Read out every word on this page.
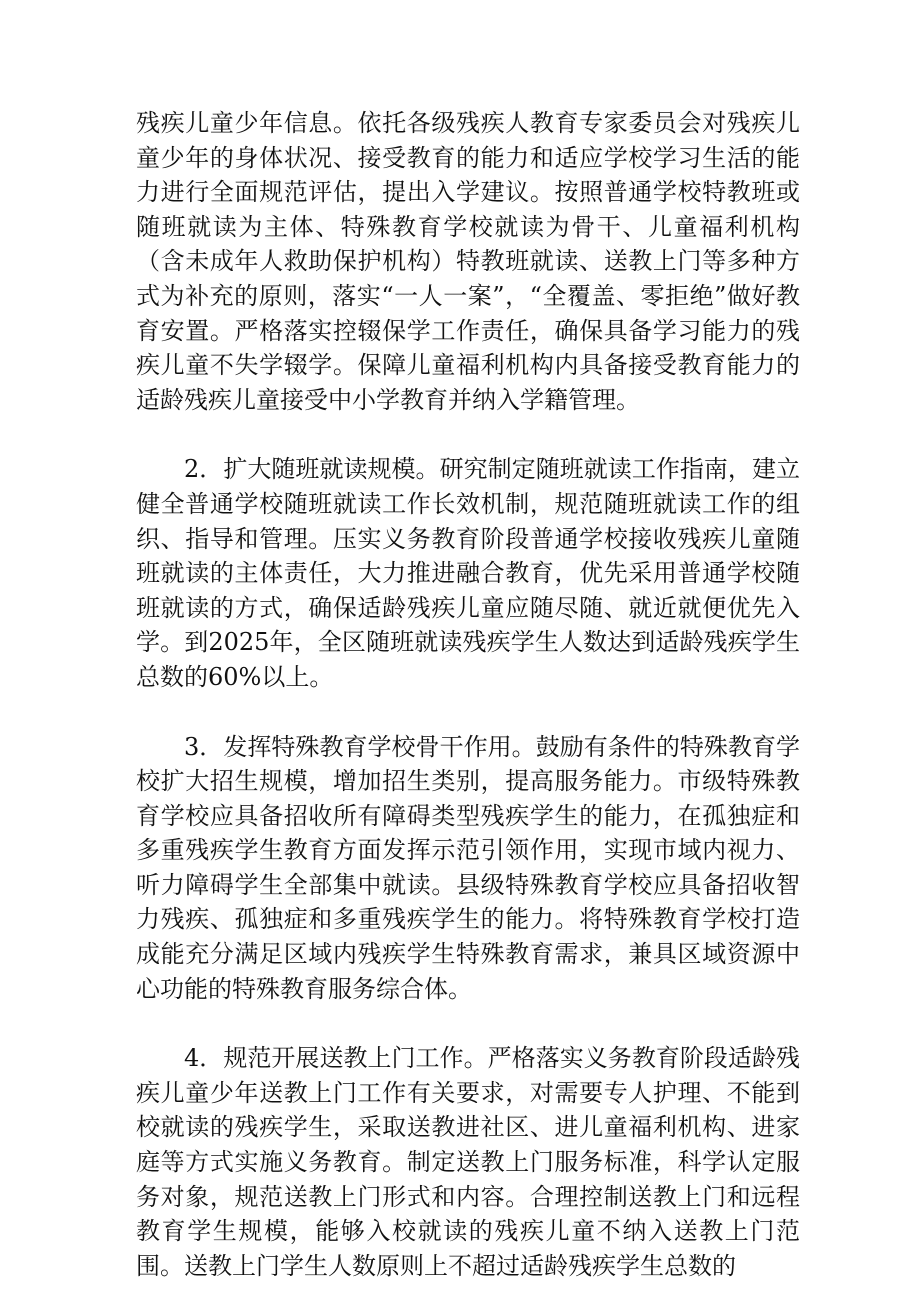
残疾儿童少年信息。依托各级残疾人教育专家委员会对残疾儿童少年的身体状况、接受教育的能力和适应学校学习生活的能力进行全面规范评估，提出入学建议。按照普通学校特教班或随班就读为主体、特殊教育学校就读为骨干、儿童福利机构（含未成年人救助保护机构）特教班就读、送教上门等多种方式为补充的原则，落实“一人一案”，“全覆盖、零拒绝”做好教育安置。严格落实控辍保学工作责任，确保具备学习能力的残疾儿童不失学辍学。保障儿童福利机构内具备接受教育能力的适龄残疾儿童接受中小学教育并纳入学籍管理。

2．扩大随班就读规模。研究制定随班就读工作指南，建立健全普通学校随班就读工作长效机制，规范随班就读工作的组织、指导和管理。压实义务教育阶段普通学校接收残疾儿童随班就读的主体责任，大力推进融合教育，优先采用普通学校随班就读的方式，确保适龄残疾儿童应随尽随、就近就便优先入学。到2025年，全区随班就读残疾学生人数达到适龄残疾学生总数的60%以上。

3．发挥特殊教育学校骨干作用。鼓励有条件的特殊教育学校扩大招生规模，增加招生类别，提高服务能力。市级特殊教育学校应具备招收所有障碍类型残疾学生的能力，在孤独症和多重残疾学生教育方面发挥示范引领作用，实现市域内视力、听力障碍学生全部集中就读。县级特殊教育学校应具备招收智力残疾、孤独症和多重残疾学生的能力。将特殊教育学校打造成能充分满足区域内残疾学生特殊教育需求，兼具区域资源中心功能的特殊教育服务综合体。

4．规范开展送教上门工作。严格落实义务教育阶段适龄残疾儿童少年送教上门工作有关要求，对需要专人护理、不能到校就读的残疾学生，采取送教进社区、进儿童福利机构、进家庭等方式实施义务教育。制定送教上门服务标准，科学认定服务对象，规范送教上门形式和内容。合理控制送教上门和远程教育学生规模，能够入校就读的残疾儿童不纳入送教上门范围。送教上门学生人数原则上不超过适龄残疾学生总数的
